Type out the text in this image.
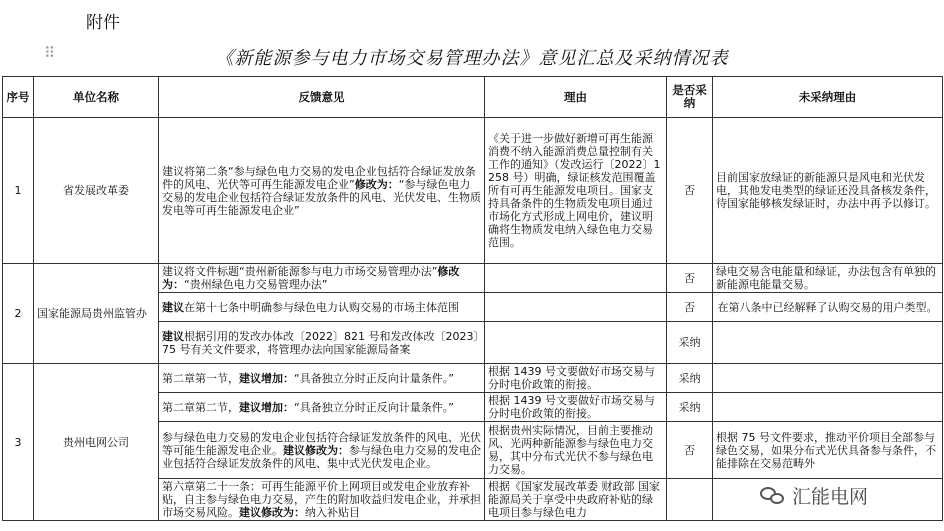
附件
⠿	《新能源参与电力市场交易管理办法》意见汇总及采纳情况表
序号	单位名称	反馈意见	理由	是否采纳	未采纳理由
1	省发展改革委	建议将第二条“参与绿色电力交易的发电企业包括符合绿证发放条件的风电、光伏等可再生能源发电企业”修改为：“参与绿色电力交易的发电企业包括符合绿证发放条件的风电、光伏发电、生物质发电等可再生能源发电企业”	《关于进一步做好新增可再生能源消费不纳入能源消费总量控制有关工作的通知》（发改运行〔2022〕1258 号）明确，绿证核发范围覆盖所有可再生能源发电项目。国家支持具备条件的生物质发电项目通过市场化方式形成上网电价，建议明确将生物质发电纳入绿色电力交易范围。	否	目前国家放绿证的新能源只是风电和光伏发电，其他发电类型的绿证还没具备核发条件，待国家能够核发绿证时，办法中再予以修订。
2	国家能源局贵州监管办	建议将文件标题“贵州新能源参与电力市场交易管理办法”修改为：“贵州绿色电力交易管理办法”		否	绿电交易含电能量和绿证，办法包含有单独的新能源电能量交易。
		建议在第十七条中明确参与绿色电力认购交易的市场主体范围		否	在第八条中已经解释了认购交易的用户类型。
		建议根据引用的发改办体改〔2022〕821 号和发改体改〔2023〕75 号有关文件要求，将管理办法向国家能源局备案		采纳	
3	贵州电网公司	第二章第一节，建议增加：“具备独立分时正反向计量条件。”	根据 1439 号文要做好市场交易与分时电价政策的衔接。	采纳	
		第二章第二节，建议增加：“具备独立分时正反向计量条件。”	根据 1439 号文要做好市场交易与分时电价政策的衔接。	采纳	
		参与绿色电力交易的发电企业包括符合绿证发放条件的风电、光伏等可能生能源发电企业。建议修改为：参与绿色电力交易的发电企业包括符合绿证发放条件的风电、集中式光伏发电企业。	根据贵州实际情况，目前主要推动风、光两种新能源参与绿色电力交易，其中分布式光伏不参与绿色电力交易。	否	根据 75 号文件要求，推动平价项目全部参与绿色交易，如果分布式光伏具备参与条件，不能排除在交易范畴外
		第六章第二十一条：可再生能源平价上网项目或发电企业放弃补贴，自主参与绿色电力交易，产生的附加收益归发电企业，并承担市场交易风险。建议修改为：纳入补贴目	根据《国家发展改革委 财政部 国家能源局关于享受中央政府补贴的绿电项目参与绿色电力		
汇能电网
